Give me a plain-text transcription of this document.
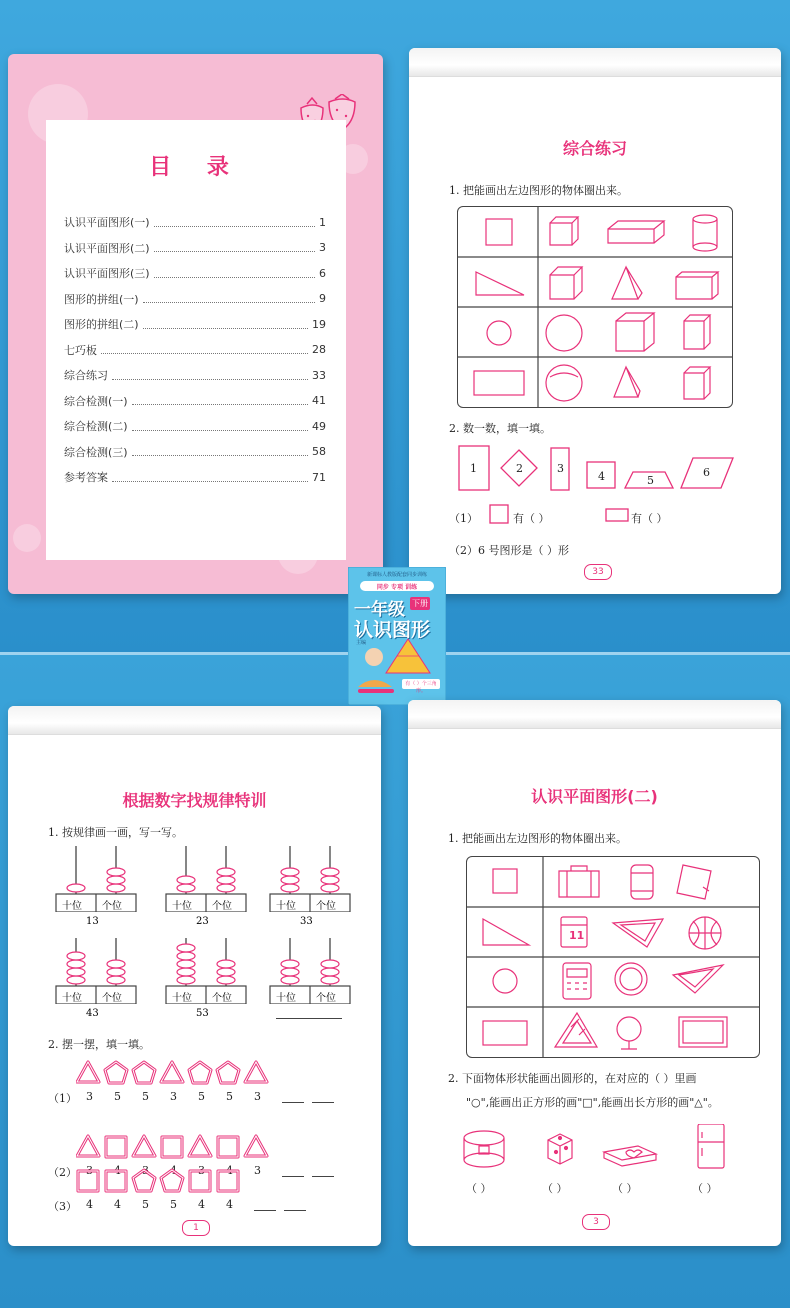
目 录
认识平面图形(一)	1
认识平面图形(二)	3
认识平面图形(三)	6
图形的拼组(一)	9
图形的拼组(二)	19
七巧板	28
综合练习	33
综合检测(一)	41
综合检测(二)	49
综合检测(三)	58
参考答案	71
综合练习
1. 把能画出左边图形的物体圈出来。
2. 数一数，填一填。
1	2	3
4	5
6
（1）	有（ ）	有（ ）
（2）6 号图形是（ ）形
33
新课标人教版配套同步训练
同步 专项 训练
一年级 下册
认识图形
主编
有（ ）个三角形。
根据数字找规律特训
1. 按规律画一画，写一写。
十位 个位
13
十位 个位
23
十位 个位
33
十位 个位
43
十位 个位
53
十位 个位
2. 摆一摆，填一填。
（1） 3 5 5 3 5 5 3
（2） 3 4 3 4 3 4 3
（3） 4 4 5 5 4 4
1
认识平面图形(二)
1. 把能画出左边图形的物体圈出来。
11
2. 下面物体形状能画出圆形的，在对应的（ ）里画
"○",能画出正方形的画"□",能画出长方形的画"△"。
（ ）	（ ）	（ ）	（ ）
3
